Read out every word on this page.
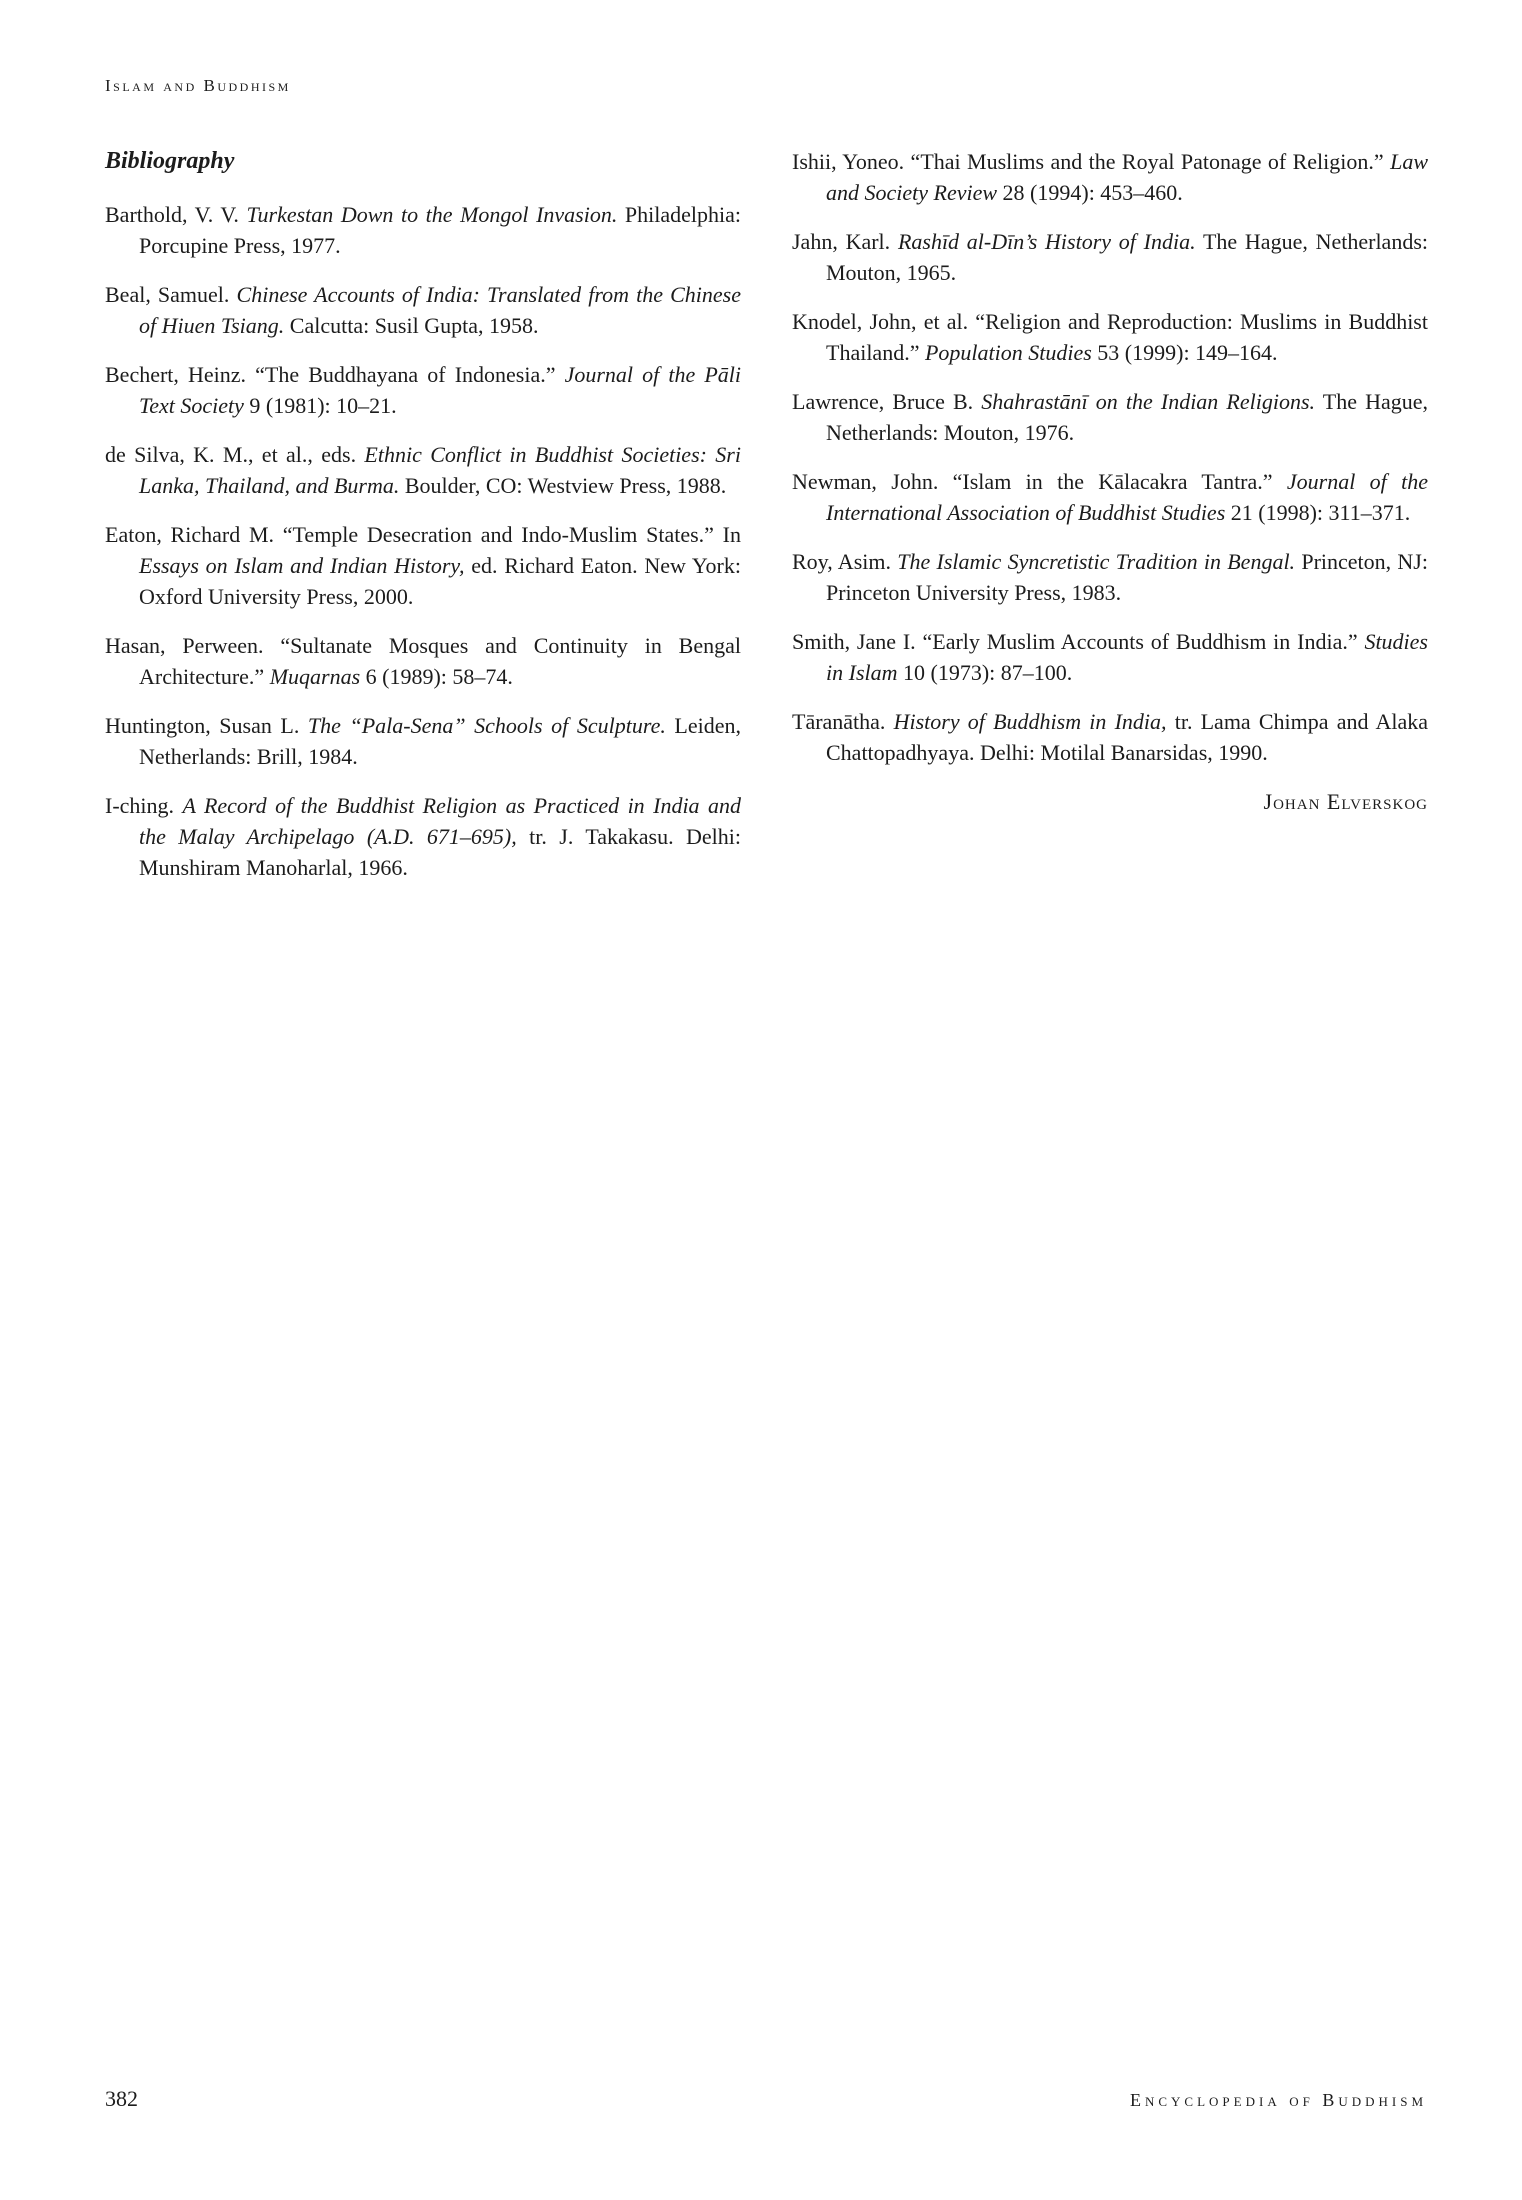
Islam and Buddhism
Bibliography
Barthold, V. V. Turkestan Down to the Mongol Invasion. Philadelphia: Porcupine Press, 1977.
Beal, Samuel. Chinese Accounts of India: Translated from the Chinese of Hiuen Tsiang. Calcutta: Susil Gupta, 1958.
Bechert, Heinz. “The Buddhayana of Indonesia.” Journal of the Pāli Text Society 9 (1981): 10–21.
de Silva, K. M., et al., eds. Ethnic Conflict in Buddhist Societies: Sri Lanka, Thailand, and Burma. Boulder, CO: Westview Press, 1988.
Eaton, Richard M. “Temple Desecration and Indo-Muslim States.” In Essays on Islam and Indian History, ed. Richard Eaton. New York: Oxford University Press, 2000.
Hasan, Perween. “Sultanate Mosques and Continuity in Bengal Architecture.” Muqarnas 6 (1989): 58–74.
Huntington, Susan L. The “Pala-Sena” Schools of Sculpture. Leiden, Netherlands: Brill, 1984.
I-ching. A Record of the Buddhist Religion as Practiced in India and the Malay Archipelago (A.D. 671–695), tr. J. Takakasu. Delhi: Munshiram Manoharlal, 1966.
Ishii, Yoneo. “Thai Muslims and the Royal Patonage of Religion.” Law and Society Review 28 (1994): 453–460.
Jahn, Karl. Rashīd al-Dīn’s History of India. The Hague, Netherlands: Mouton, 1965.
Knodel, John, et al. “Religion and Reproduction: Muslims in Buddhist Thailand.” Population Studies 53 (1999): 149–164.
Lawrence, Bruce B. Shahrastānī on the Indian Religions. The Hague, Netherlands: Mouton, 1976.
Newman, John. “Islam in the Kālacakra Tantra.” Journal of the International Association of Buddhist Studies 21 (1998): 311–371.
Roy, Asim. The Islamic Syncretistic Tradition in Bengal. Princeton, NJ: Princeton University Press, 1983.
Smith, Jane I. “Early Muslim Accounts of Buddhism in India.” Studies in Islam 10 (1973): 87–100.
Tāranātha. History of Buddhism in India, tr. Lama Chimpa and Alaka Chattopadhyaya. Delhi: Motilal Banarsidas, 1990.
Johan Elverskog
382	Encyclopedia of Buddhism
